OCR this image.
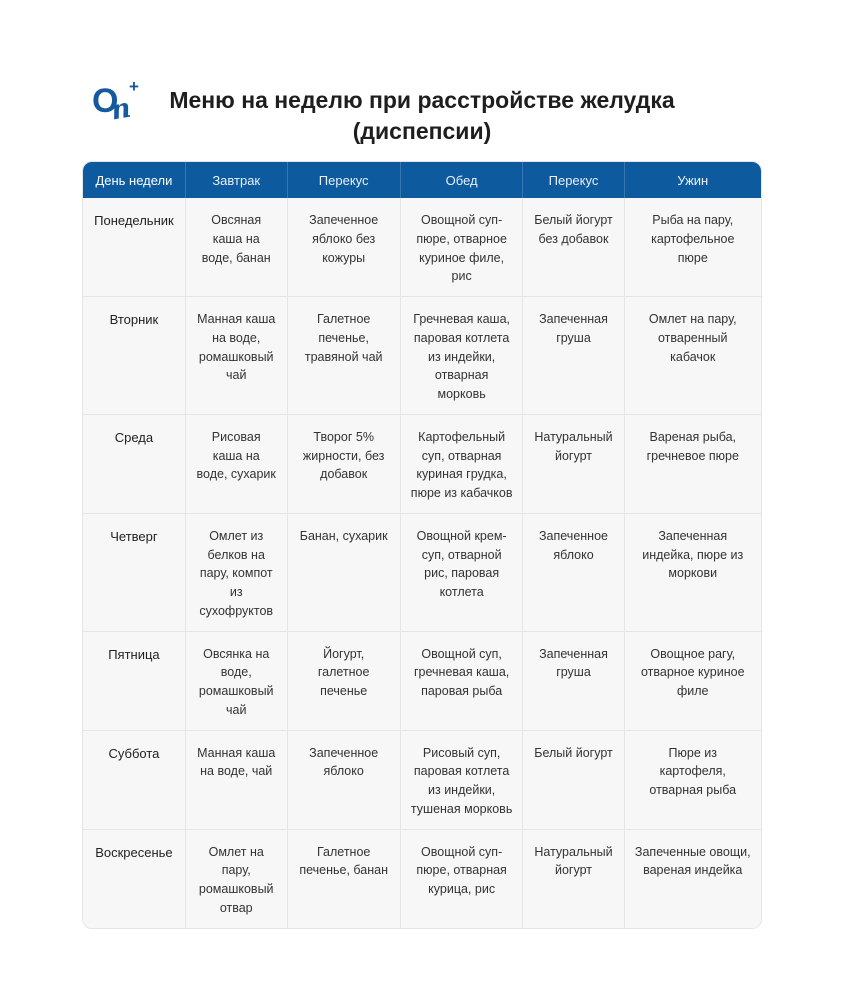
O +
n	Меню на неделю при расстройстве желудка
(диспепсии)
День недели	Завтрак	Перекус	Обед	Перекус	Ужин
Понедельник	Овсяная каша на воде, банан	Запеченное яблоко без кожуры	Овощной суп-пюре, отварное куриное филе, рис	Белый йогурт без добавок	Рыба на пару, картофельное пюре
Вторник	Манная каша на воде, ромашковый чай	Галетное печенье, травяной чай	Гречневая каша, паровая котлета из индейки, отварная морковь	Запеченная груша	Омлет на пару, отваренный кабачок
Среда	Рисовая каша на воде, сухарик	Творог 5% жирности, без добавок	Картофельный суп, отварная куриная грудка, пюре из кабачков	Натуральный йогурт	Вареная рыба, гречневое пюре
Четверг	Омлет из белков на пару, компот из сухофруктов	Банан, сухарик	Овощной крем-суп, отварной рис, паровая котлета	Запеченное яблоко	Запеченная индейка, пюре из моркови
Пятница	Овсянка на воде, ромашковый чай	Йогурт, галетное печенье	Овощной суп, гречневая каша, паровая рыба	Запеченная груша	Овощное рагу, отварное куриное филе
Суббота	Манная каша на воде, чай	Запеченное яблоко	Рисовый суп, паровая котлета из индейки, тушеная морковь	Белый йогурт	Пюре из картофеля, отварная рыба
Воскресенье	Омлет на пару, ромашковый отвар	Галетное печенье, банан	Овощной суп-пюре, отварная курица, рис	Натуральный йогурт	Запеченные овощи, вареная индейка
